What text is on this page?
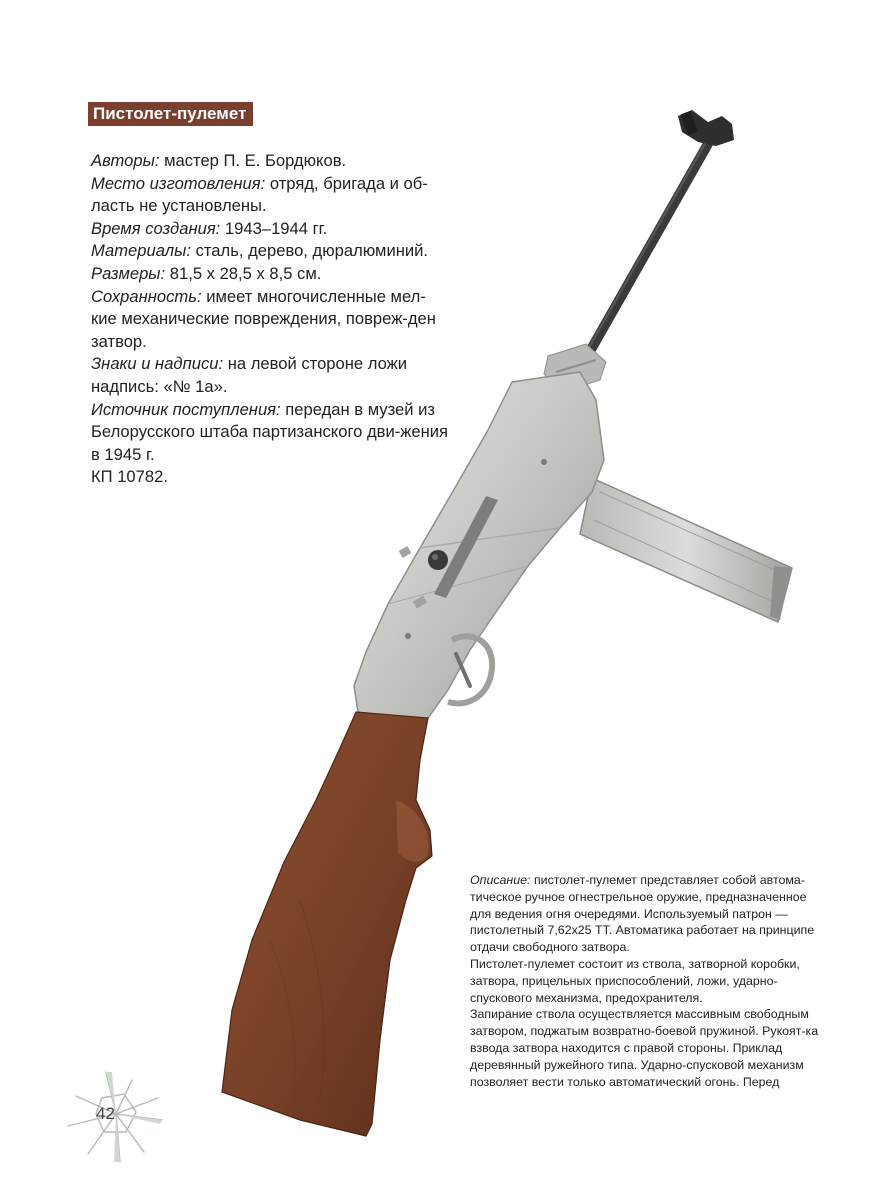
Пистолет-пулемет

Авторы: мастер П. Е. Бордюков.

Место изготовления: отряд, бригада и об-ласть не установлены.

Время создания: 1943–1944 гг.

Материалы: сталь, дерево, дюралюминий.

Размеры: 81,5 x 28,5 x 8,5 см.

Сохранность: имеет многочисленные мел-кие механические повреждения, повреж-ден затвор.

Знаки и надписи: на левой стороне ложи надпись: «№ 1а».

Источник поступления: передан в музей из Белорусского штаба партизанского дви-жения в 1945 г.

КП 10782.

Описание: пистолет-пулемет представляет собой автома-тическое ручное огнестрельное оружие, предназначенное для ведения огня очередями. Используемый патрон — пистолетный 7,62x25 ТТ. Автоматика работает на принципе отдачи свободного затвора.

Пистолет-пулемет состоит из ствола, затворной коробки, затвора, прицельных приспособлений, ложи, ударно-спускового механизма, предохранителя.

Запирание ствола осуществляется массивным свободным затвором, поджатым возвратно-боевой пружиной. Рукоят-ка взвода затвора находится с правой стороны. Приклад деревянный ружейного типа. Ударно-спусковой механизм позволяет вести только автоматический огонь. Перед

42
